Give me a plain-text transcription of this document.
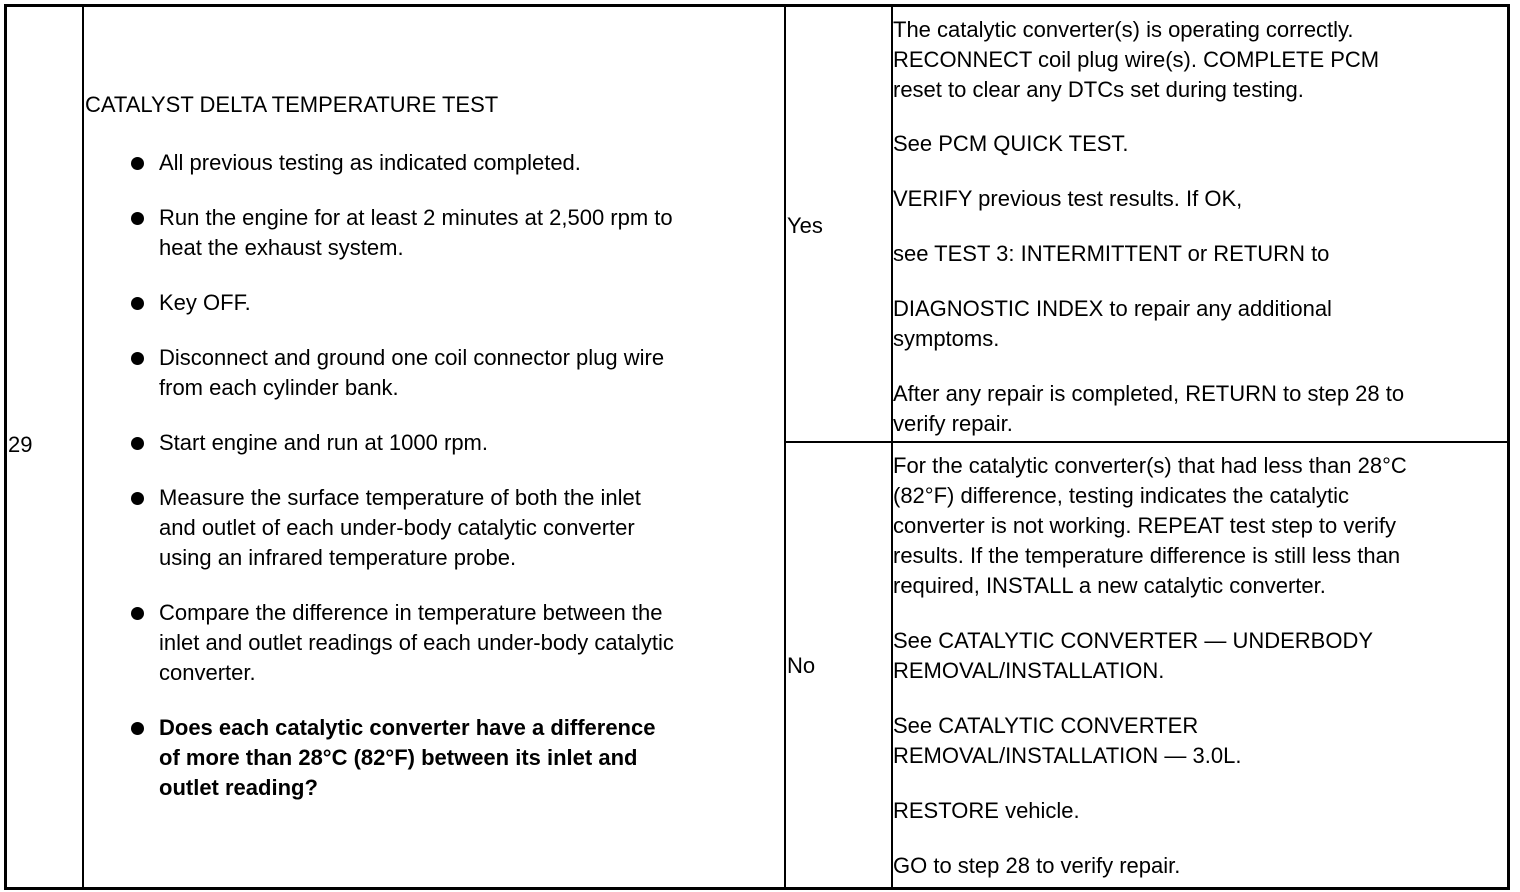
29
CATALYST DELTA TEMPERATURE TEST
All previous testing as indicated completed.
Run the engine for at least 2 minutes at 2,500 rpm to
heat the exhaust system.
Key OFF.
Disconnect and ground one coil connector plug wire
from each cylinder bank.
Start engine and run at 1000 rpm.
Measure the surface temperature of both the inlet
and outlet of each under-body catalytic converter
using an infrared temperature probe.
Compare the difference in temperature between the
inlet and outlet readings of each under-body catalytic
converter.
Does each catalytic converter have a difference
of more than 28°C (82°F) between its inlet and
outlet reading?
Yes
No
The catalytic converter(s) is operating correctly.
RECONNECT coil plug wire(s). COMPLETE PCM
reset to clear any DTCs set during testing.
See PCM QUICK TEST.
VERIFY previous test results. If OK,
see TEST 3: INTERMITTENT or RETURN to
DIAGNOSTIC INDEX to repair any additional
symptoms.
After any repair is completed, RETURN to step 28 to
verify repair.
For the catalytic converter(s) that had less than 28°C
(82°F) difference, testing indicates the catalytic
converter is not working. REPEAT test step to verify
results. If the temperature difference is still less than
required, INSTALL a new catalytic converter.
See CATALYTIC CONVERTER — UNDERBODY
REMOVAL/INSTALLATION.
See CATALYTIC CONVERTER
REMOVAL/INSTALLATION — 3.0L.
RESTORE vehicle.
GO to step 28 to verify repair.
